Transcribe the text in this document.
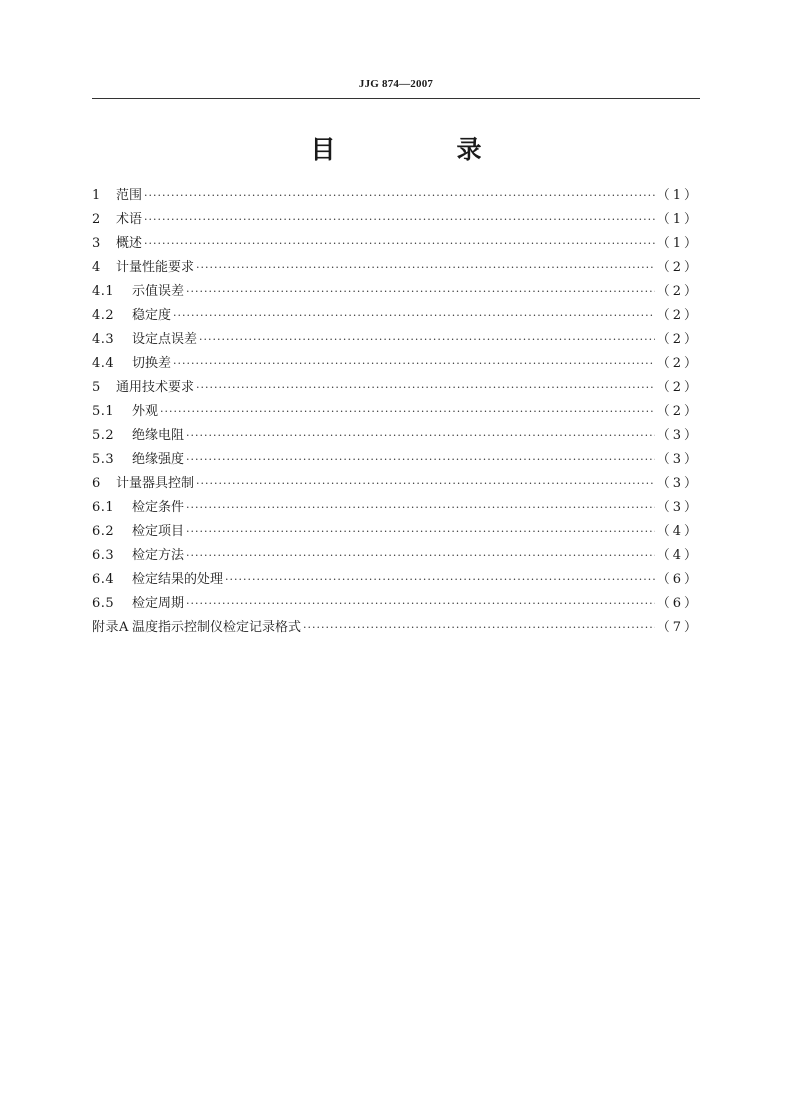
JJG 874—2007
目　录
1	范围 ·····	（1）
2	术语 ·····	（1）
3	概述 ·····	（1）
4	计量性能要求 ·····	（2）
4.1	示值误差 ·····	（2）
4.2	稳定度 ·····	（2）
4.3	设定点误差 ·····	（2）
4.4	切换差 ·····	（2）
5	通用技术要求 ·····	（2）
5.1	外观 ·····	（2）
5.2	绝缘电阻 ·····	（3）
5.3	绝缘强度 ·····	（3）
6	计量器具控制 ·····	（3）
6.1	检定条件 ·····	（3）
6.2	检定项目 ·····	（4）
6.3	检定方法 ·····	（4）
6.4	检定结果的处理 ·····	（6）
6.5	检定周期 ·····	（6）
附录A 温度指示控制仪检定记录格式 ·····	（7）
